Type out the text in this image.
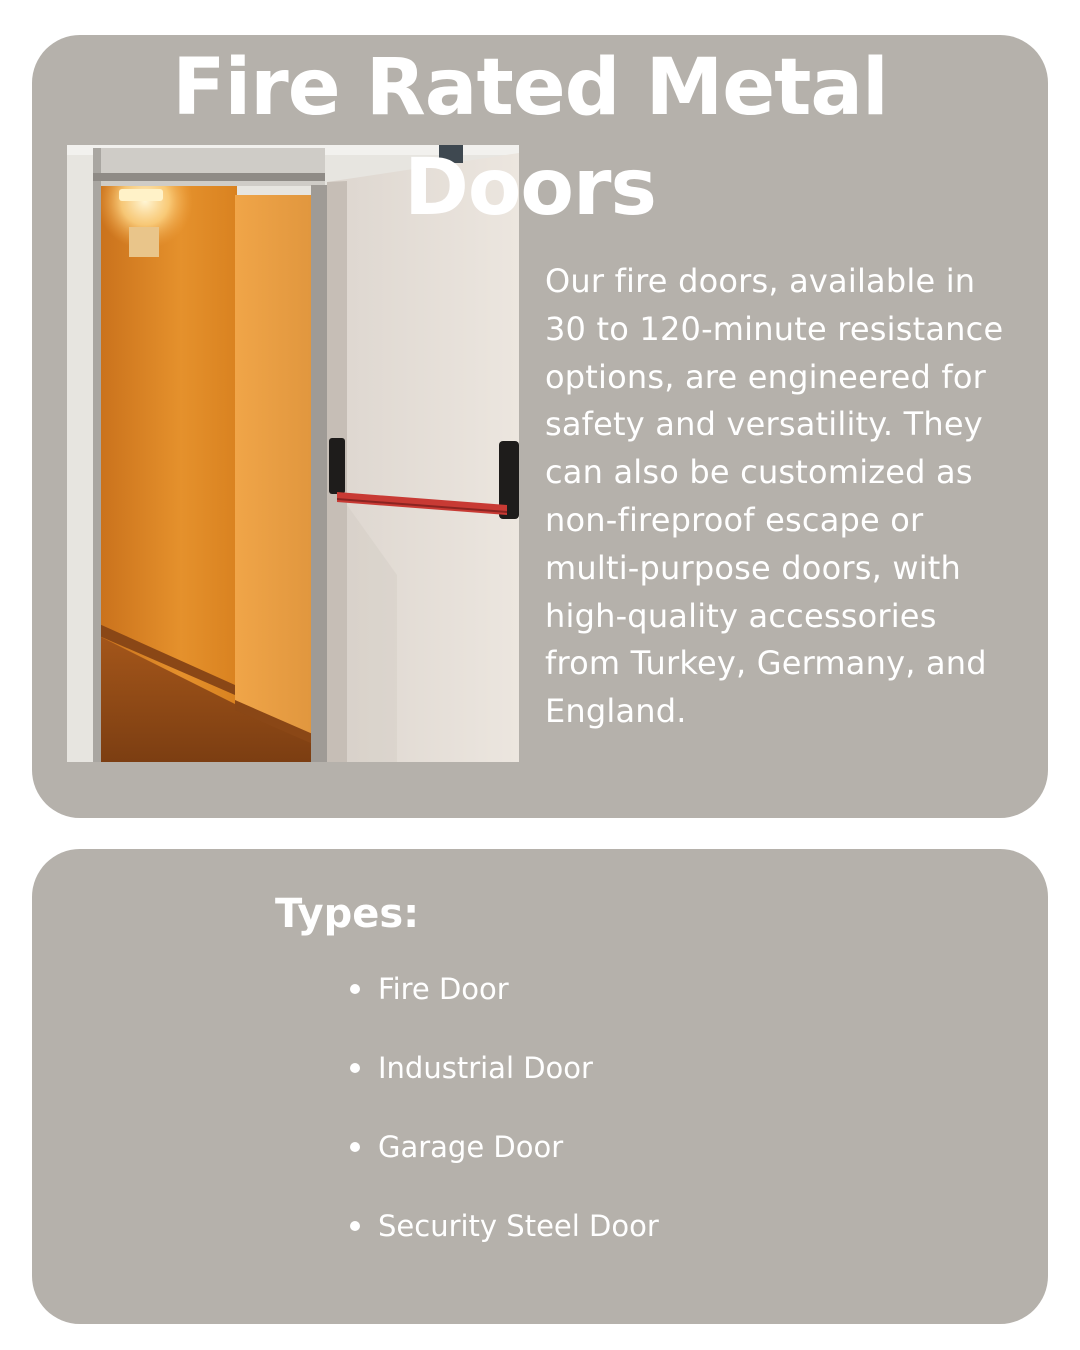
Fire Rated Metal Doors

Our fire doors, available in 30 to 120-minute resistance options, are engineered for safety and versatility. They can also be customized as non-fireproof escape or multi-purpose doors, with high-quality accessories from Turkey, Germany, and England.

Types:
Fire Door
Industrial Door
Garage Door
Security Steel Door
